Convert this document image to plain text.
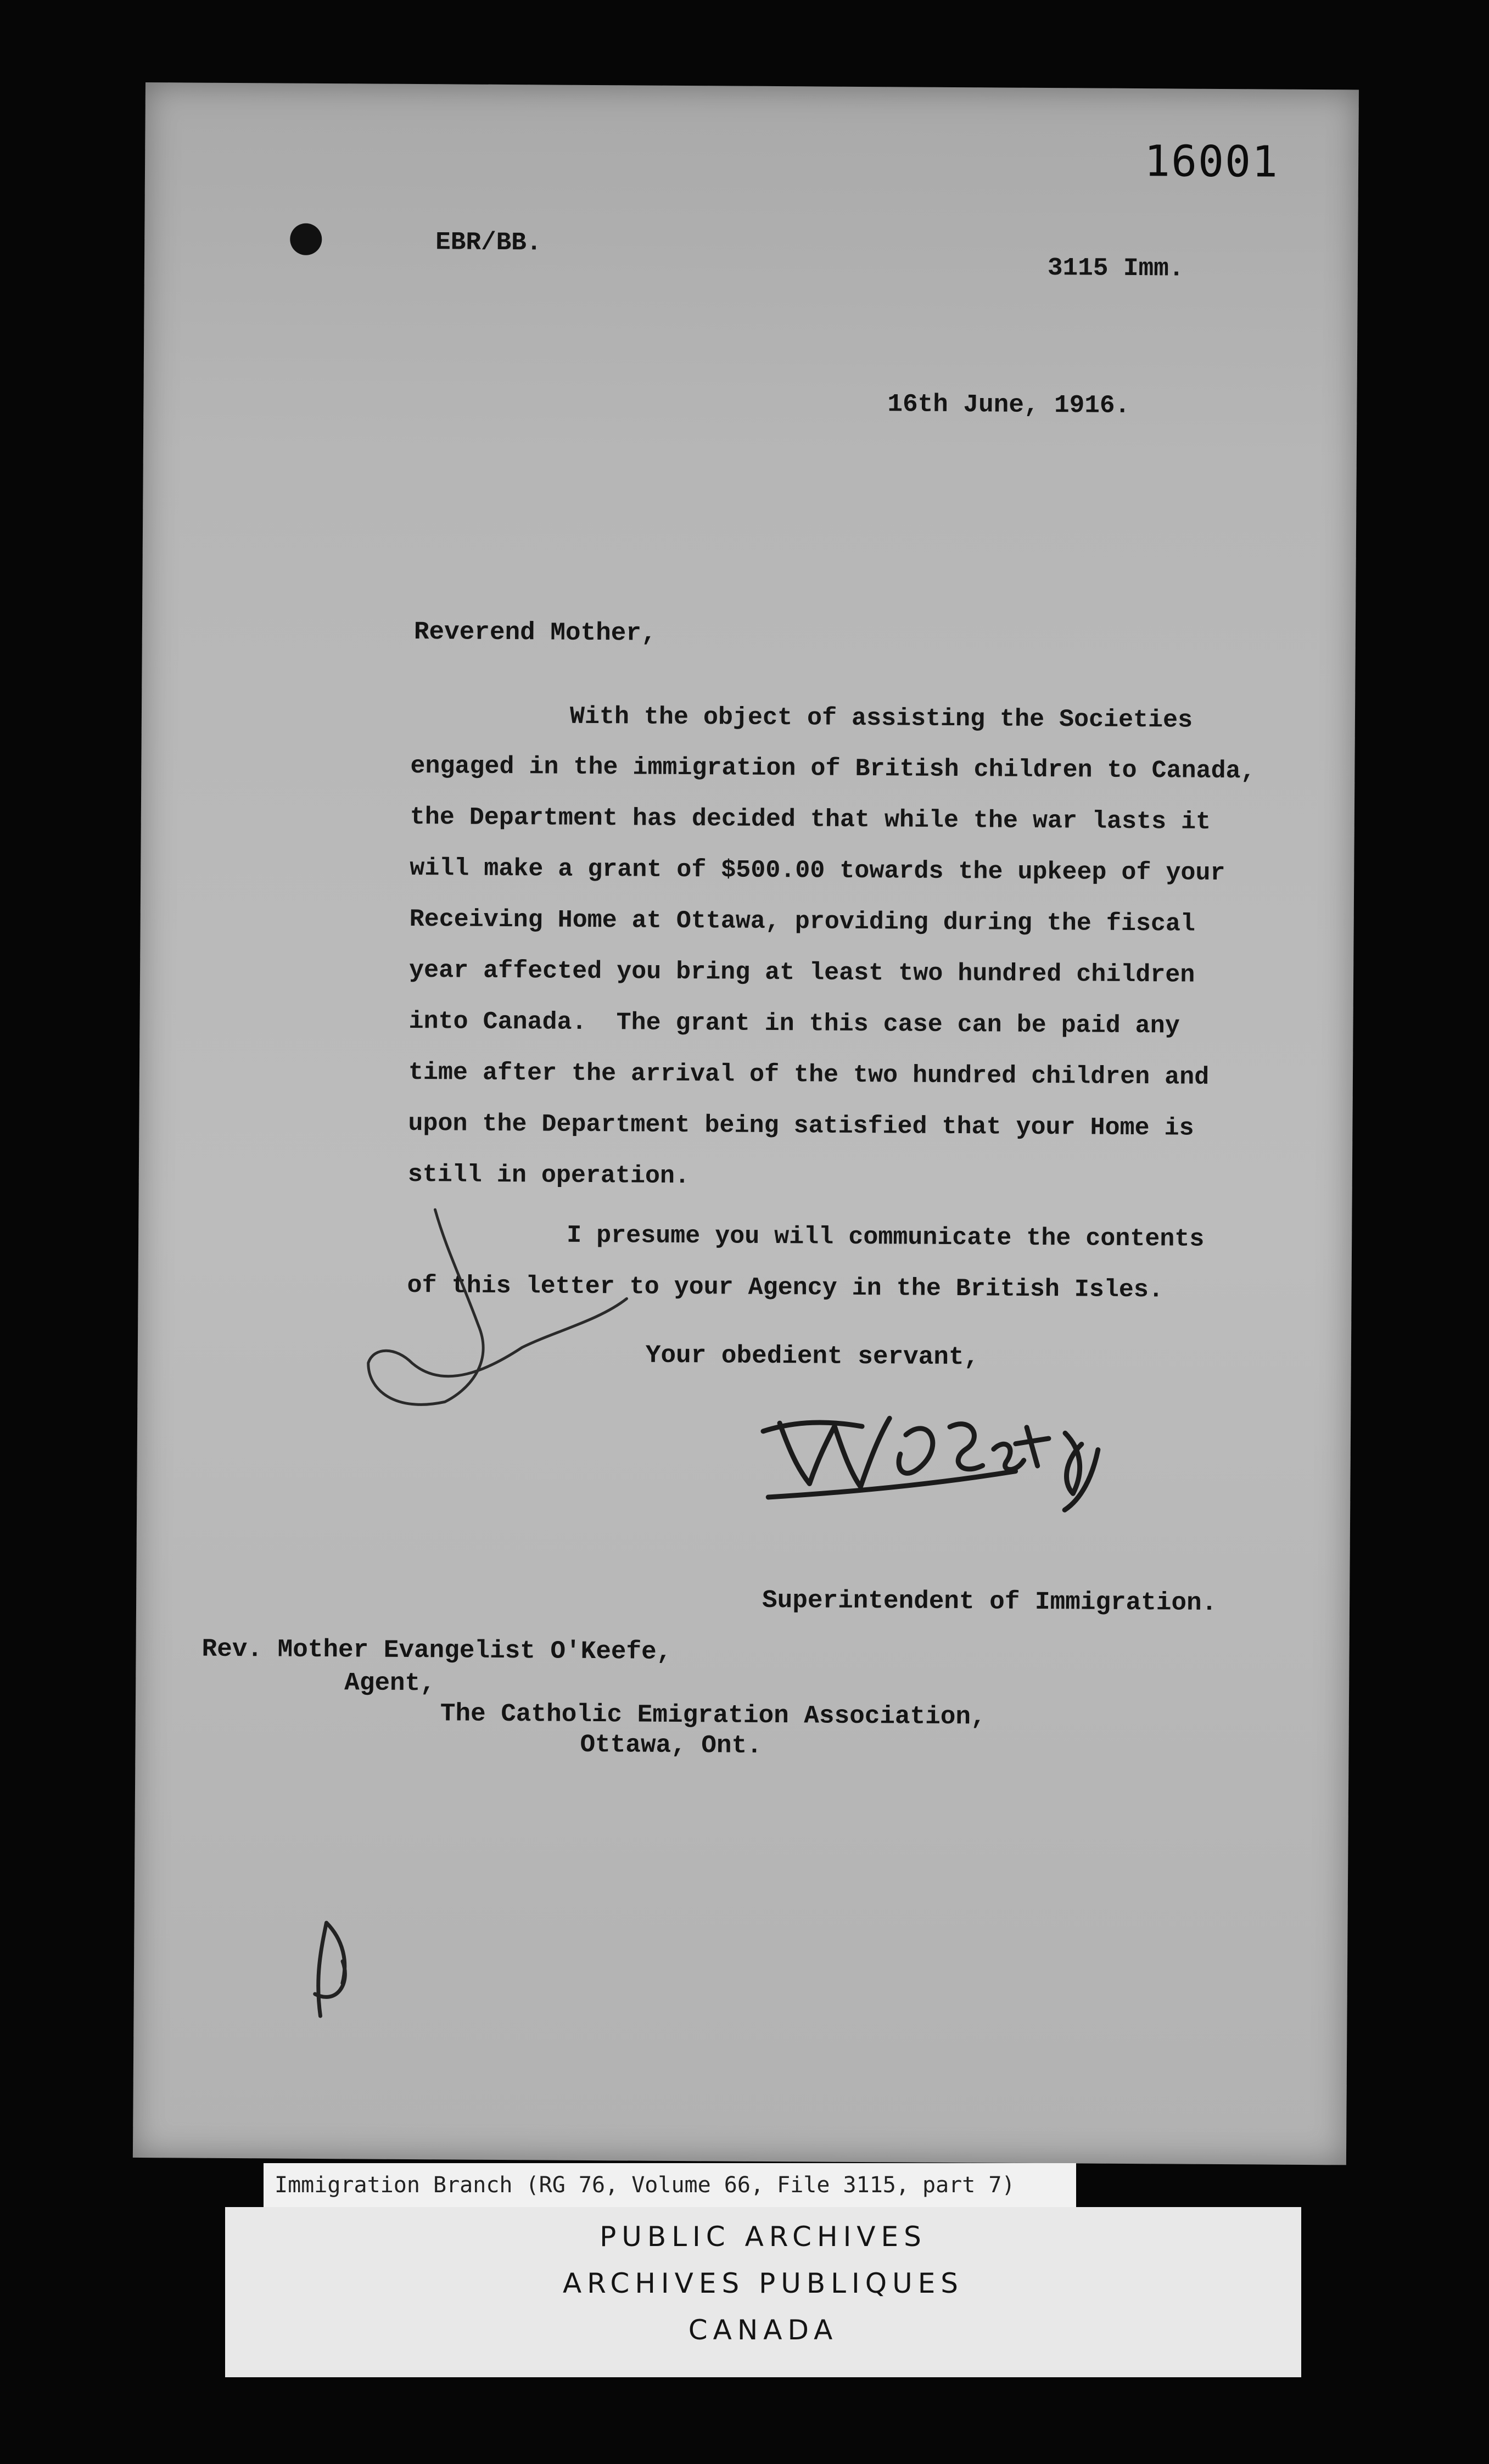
16001
EBR/BB.
3115 Imm.
16th June, 1916.
Reverend Mother,
With the object of assisting the Societies
engaged in the immigration of British children to Canada,
the Department has decided that while the war lasts it
will make a grant of $500.00 towards the upkeep of your
Receiving Home at Ottawa, providing during the fiscal
year affected you bring at least two hundred children
into Canada.  The grant in this case can be paid any
time after the arrival of the two hundred children and
upon the Department being satisfied that your Home is
still in operation.
I presume you will communicate the contents
of this letter to your Agency in the British Isles.
Your obedient servant,
Superintendent of Immigration.
Rev. Mother Evangelist O'Keefe,
Agent,
The Catholic Emigration Association,
Ottawa, Ont.
Immigration Branch (RG 76, Volume 66, File 3115, part 7)
PUBLIC ARCHIVES
ARCHIVES PUBLIQUES
CANADA
